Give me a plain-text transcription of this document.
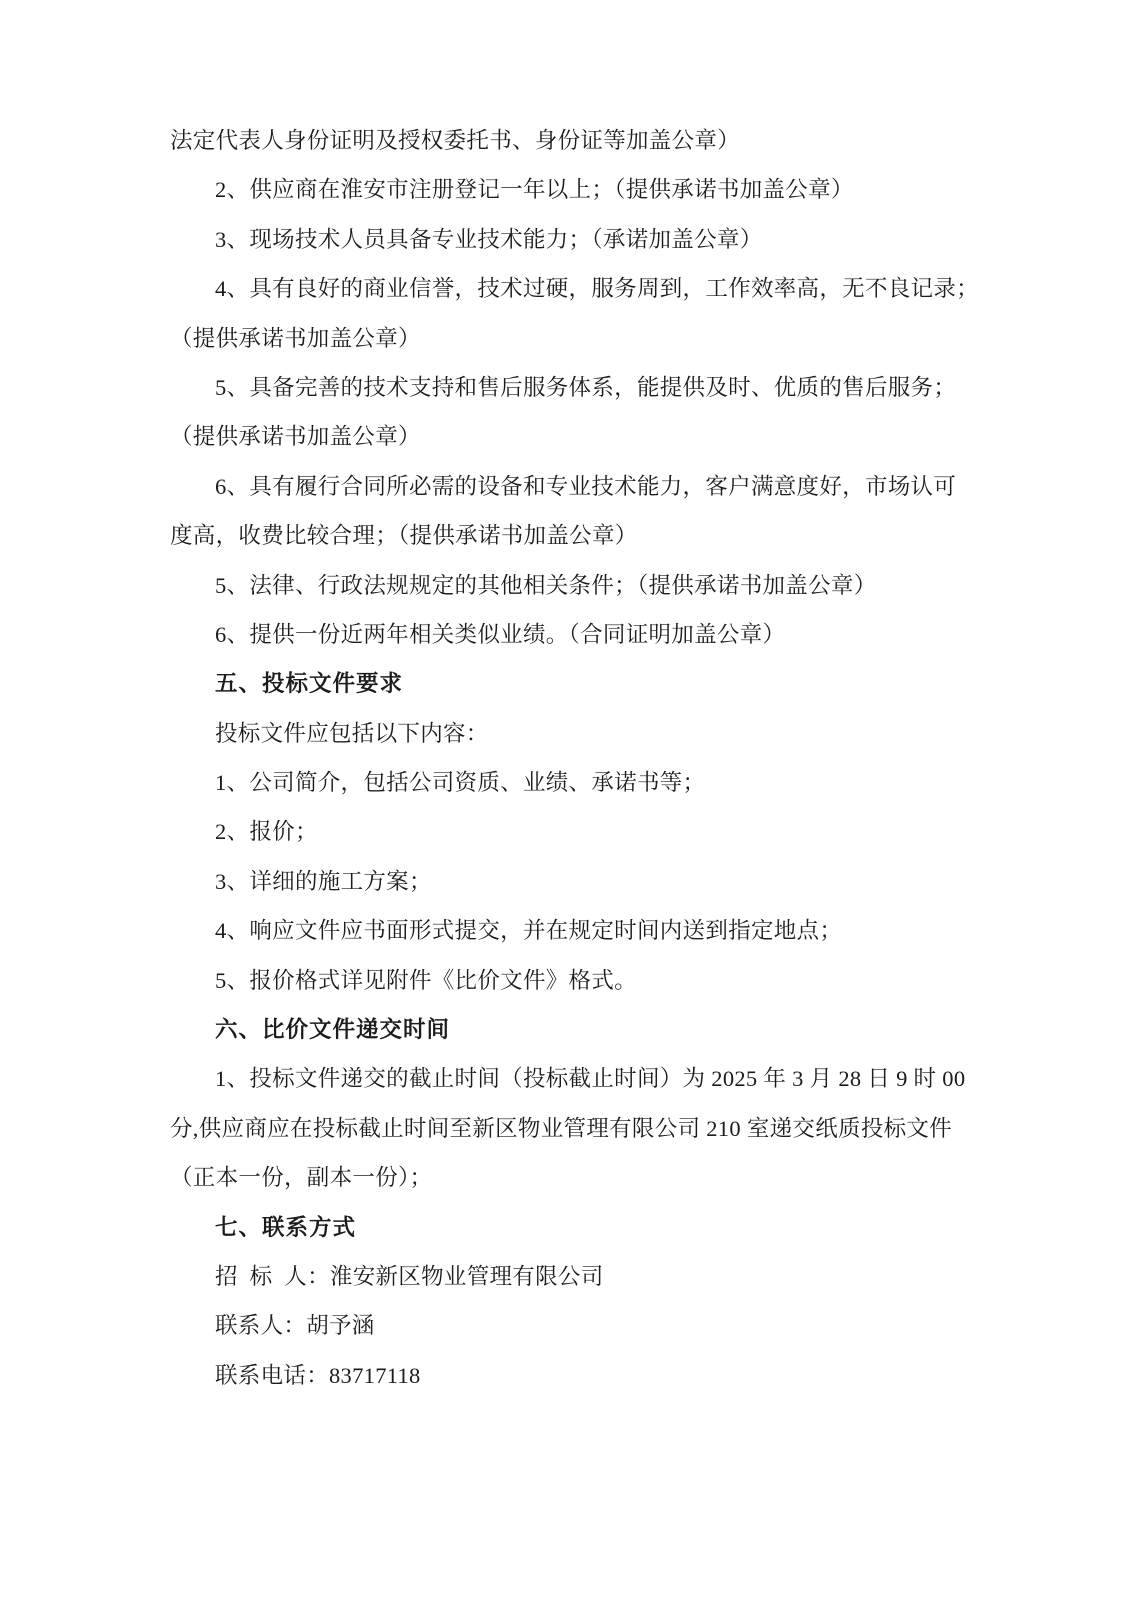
法定代表人身份证明及授权委托书、身份证等加盖公章）
2、供应商在淮安市注册登记一年以上；（提供承诺书加盖公章）
3、现场技术人员具备专业技术能力；（承诺加盖公章）
4、具有良好的商业信誉，技术过硬，服务周到，工作效率高，无不良记录；
（提供承诺书加盖公章）
5、具备完善的技术支持和售后服务体系，能提供及时、优质的售后服务；
（提供承诺书加盖公章）
6、具有履行合同所必需的设备和专业技术能力，客户满意度好，市场认可
度高，收费比较合理；（提供承诺书加盖公章）
5、法律、行政法规规定的其他相关条件；（提供承诺书加盖公章）
6、提供一份近两年相关类似业绩。（合同证明加盖公章）
五、投标文件要求
投标文件应包括以下内容：
1、公司简介，包括公司资质、业绩、承诺书等；
2、报价；
3、详细的施工方案；
4、响应文件应书面形式提交，并在规定时间内送到指定地点；
5、报价格式详见附件《比价文件》格式。
六、比价文件递交时间
1、投标文件递交的截止时间（投标截止时间）为 2025 年 3 月 28 日 9 时 00
分,供应商应在投标截止时间至新区物业管理有限公司 210 室递交纸质投标文件
（正本一份，副本一份）；
七、联系方式
招  标  人：淮安新区物业管理有限公司
联系人：胡予涵
联系电话：83717118
